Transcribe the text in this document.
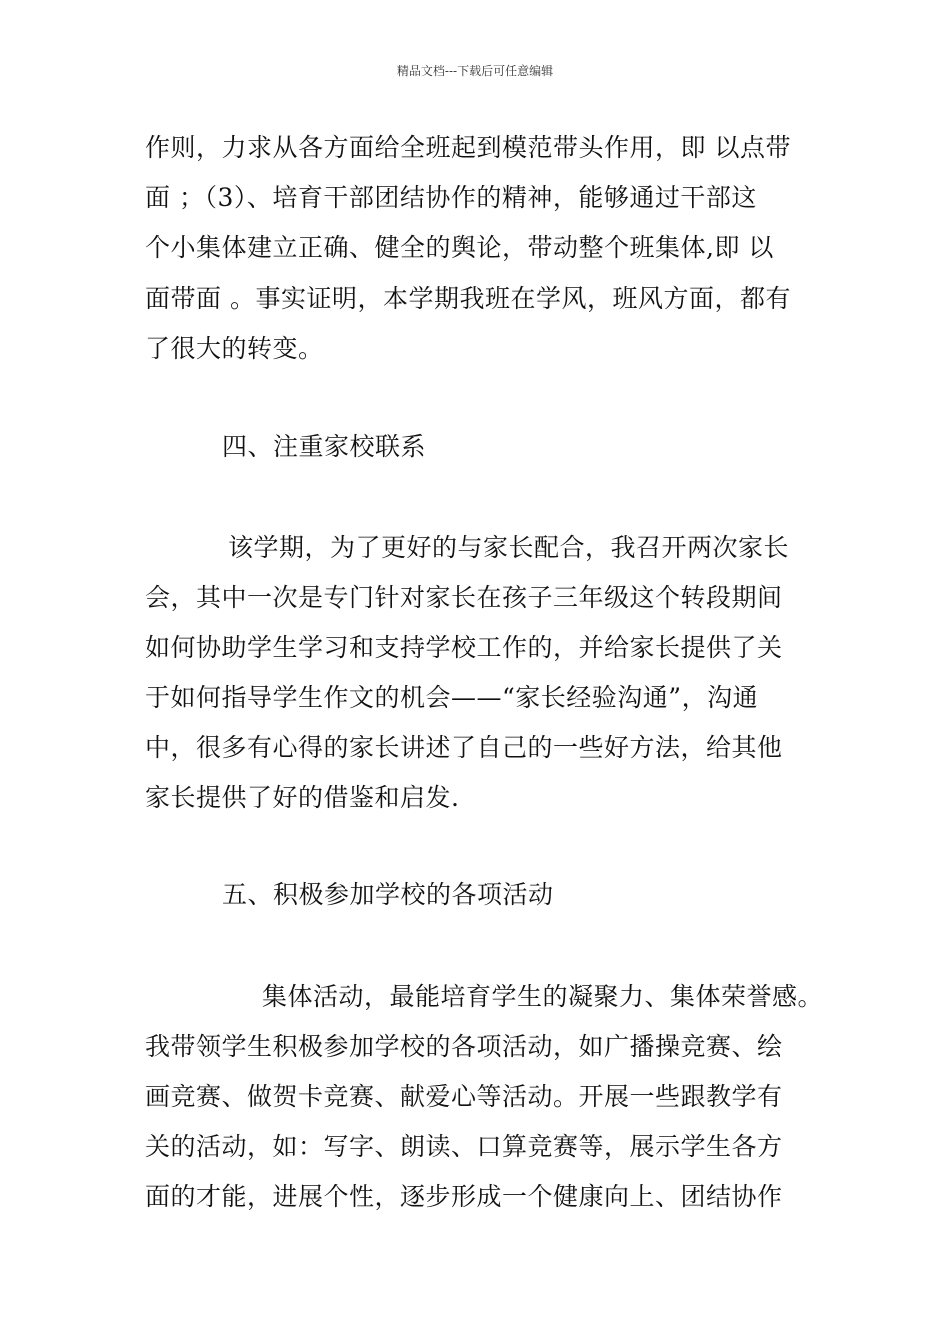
精品文档---下载后可任意编辑
作则，力求从各方面给全班起到模范带头作用，即 以点带
面 ；（3）、培育干部团结协作的精神，能够通过干部这
个小集体建立正确、健全的舆论，带动整个班集体,即 以
面带面 。事实证明，本学期我班在学风，班风方面，都有
了很大的转变。
四、注重家校联系
该学期，为了更好的与家长配合，我召开两次家长
会，其中一次是专门针对家长在孩子三年级这个转段期间
如何协助学生学习和支持学校工作的，并给家长提供了关
于如何指导学生作文的机会——“家长经验沟通”，沟通
中，很多有心得的家长讲述了自己的一些好方法，给其他
家长提供了好的借鉴和启发.
五、积极参加学校的各项活动
集体活动，最能培育学生的凝聚力、集体荣誉感。
我带领学生积极参加学校的各项活动，如广播操竞赛、绘
画竞赛、做贺卡竞赛、献爱心等活动。开展一些跟教学有
关的活动，如：写字、朗读、口算竞赛等，展示学生各方
面的才能，进展个性，逐步形成一个健康向上、团结协作
